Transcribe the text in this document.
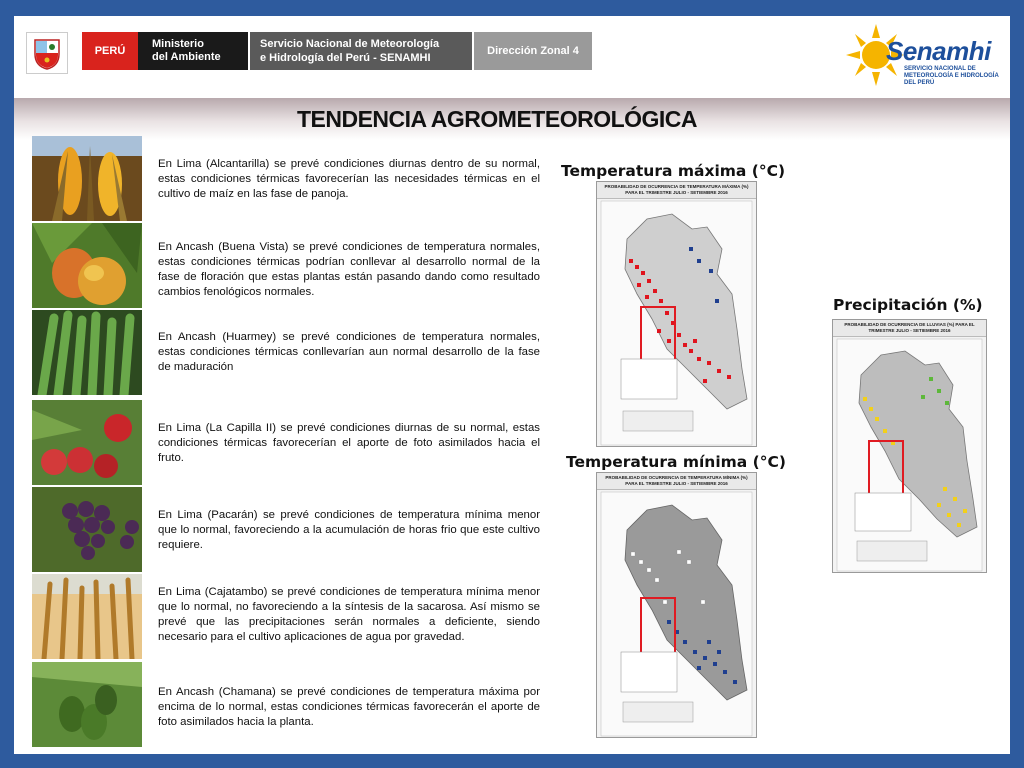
PERÚ
Ministerio
del Ambiente
Servicio Nacional de Meteorología
e Hidrología del Perú - SENAMHI
Dirección Zonal 4	Senamhi
SERVICIO NACIONAL DE METEOROLOGÍA E HIDROLOGÍA DEL PERÚ
TENDENCIA AGROMETEOROLÓGICA

En Lima (Alcantarilla) se prevé condiciones diurnas dentro de su normal, estas condiciones térmicas favorecerían las necesidades térmicas en el cultivo de maíz en las fase de panoja.

En Ancash (Buena Vista) se prevé condiciones de temperatura normales, estas condiciones térmicas podrían conllevar al desarrollo normal de la fase de floración que estas plantas están pasando dando como resultado cambios fenológicos normales.

En Ancash (Huarmey) se prevé condiciones de temperatura normales, estas condiciones térmicas conllevarían aun normal desarrollo de la fase de maduración

En Lima (La Capilla II) se prevé condiciones diurnas de su normal, estas condiciones térmicas favorecerían el aporte de foto asimilados hacia el fruto.

En Lima (Pacarán) se prevé condiciones de temperatura mínima menor que lo normal, favoreciendo a la acumulación de horas frio que este cultivo requiere.

En Lima (Cajatambo) se prevé condiciones de temperatura mínima menor que lo normal, no favoreciendo a la síntesis de la sacarosa. Así mismo se prevé que las precipitaciones serán normales a deficiente, siendo necesario para el cultivo aplicaciones de agua por gravedad.

En Ancash (Chamana) se prevé condiciones de temperatura máxima por encima de lo normal, estas condiciones térmicas favorecerán el aporte de foto asimilados hacia la planta.

Temperatura máxima (°C)
Precipitación (%)
Temperatura mínima (°C)
PROBABILIDAD DE OCURRENCIA DE TEMPERATURA MÁXIMA (%) PARA EL TRIMESTRE JULIO - SETIEMBRE 2016
PROBABILIDAD DE OCURRENCIA DE TEMPERATURA MÍNIMA (%) PARA EL TRIMESTRE JULIO - SETIEMBRE 2016
PROBABILIDAD DE OCURRENCIA DE LLUVIAS (%) PARA EL TRIMESTRE JULIO - SETIEMBRE 2016
